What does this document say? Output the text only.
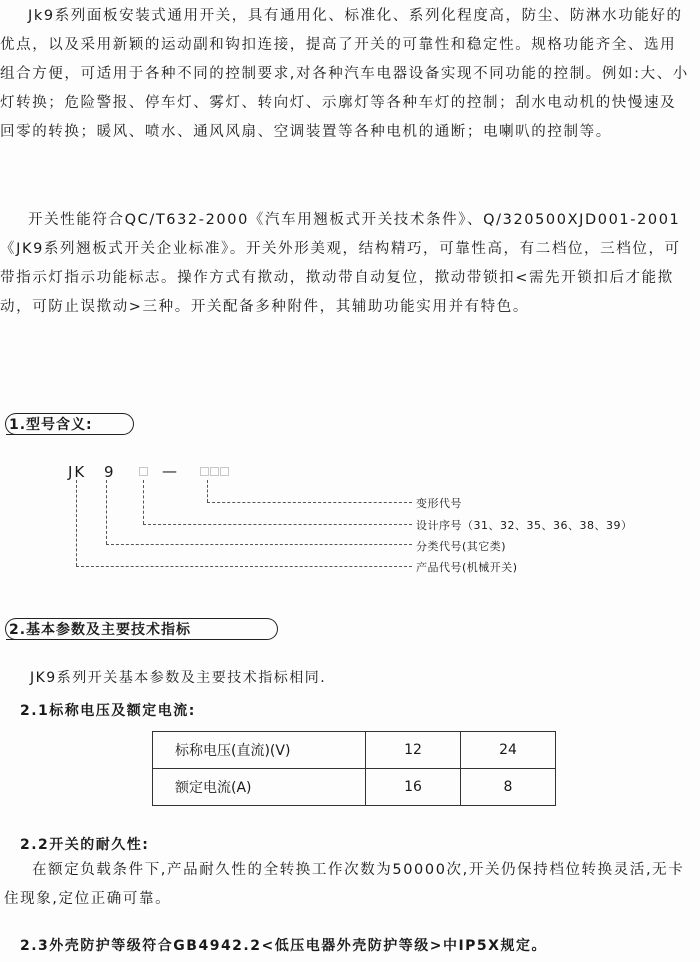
Jk9系列面板安装式通用开关，具有通用化、标准化、系列化程度高，防尘、防淋水功能好的优点，以及采用新颖的运动副和钩扣连接，提高了开关的可靠性和稳定性。规格功能齐全、选用组合方便，可适用于各种不同的控制要求,对各种汽车电器设备实现不同功能的控制。例如:大、小灯转换；危险警报、停车灯、雾灯、转向灯、示廓灯等各种车灯的控制；刮水电动机的快慢速及回零的转换；暖风、喷水、通风风扇、空调装置等各种电机的通断；电喇叭的控制等。

开关性能符合QC/T632-2000《汽车用翘板式开关技术条件》、Q/320500XJD001-2001《JK9系列翘板式开关企业标准》。开关外形美观，结构精巧，可靠性高，有二档位，三档位，可带指示灯指示功能标志。操作方式有揿动，揿动带自动复位，揿动带锁扣<需先开锁扣后才能揿动，可防止误揿动>三种。开关配备多种附件，其辅助功能实用并有特色。

1.型号含义:
JK 9	—
变形代号
设计序号（31、32、35、36、38、39）
分类代号(其它类)
产品代号(机械开关)
2.基本参数及主要技术指标
JK9系列开关基本参数及主要技术指标相同.
2.1标称电压及额定电流:
标称电压(直流)(V)	12	24
额定电流(A)	16	8
2.2开关的耐久性:

在额定负载条件下,产品耐久性的全转换工作次数为50000次,开关仍保持档位转换灵活,无卡住现象,定位正确可靠。

2.3外壳防护等级符合GB4942.2<低压电器外壳防护等级>中IP5X规定。
